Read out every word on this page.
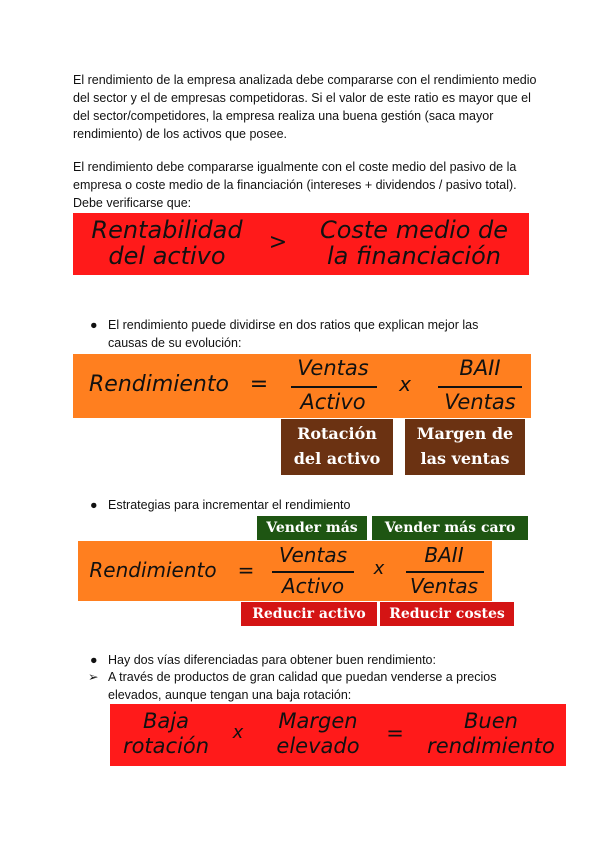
El rendimiento de la empresa analizada debe compararse con el rendimiento medio del sector y el de empresas competidoras. Si el valor de este ratio es mayor que el del sector/competidores, la empresa realiza una buena gestión (saca mayor rendimiento) de los activos que posee.

El rendimiento debe compararse igualmente con el coste medio del pasivo de la empresa o coste medio de la financiación (intereses + dividendos / pasivo total). Debe verificarse que:

Rentabilidad
del activo	>	Coste medio de
la financiación
● El rendimiento puede dividirse en dos ratios que explican mejor las causas de su evolución:

Rendimiento =
Ventas
Activo
x
BAII
Ventas
Rotación
del activo
Margen de
las ventas
● Estrategias para incrementar el rendimiento

Vender más	Vender más caro
Rendimiento	=
Ventas
Activo
x
BAII
Ventas
Reducir activo	Reducir costes
● Hay dos vías diferenciadas para obtener buen rendimiento:

➢ A través de productos de gran calidad que puedan venderse a precios elevados, aunque tengan una baja rotación:

Baja
rotación
x	Margen
elevado
=	Buen
rendimiento
